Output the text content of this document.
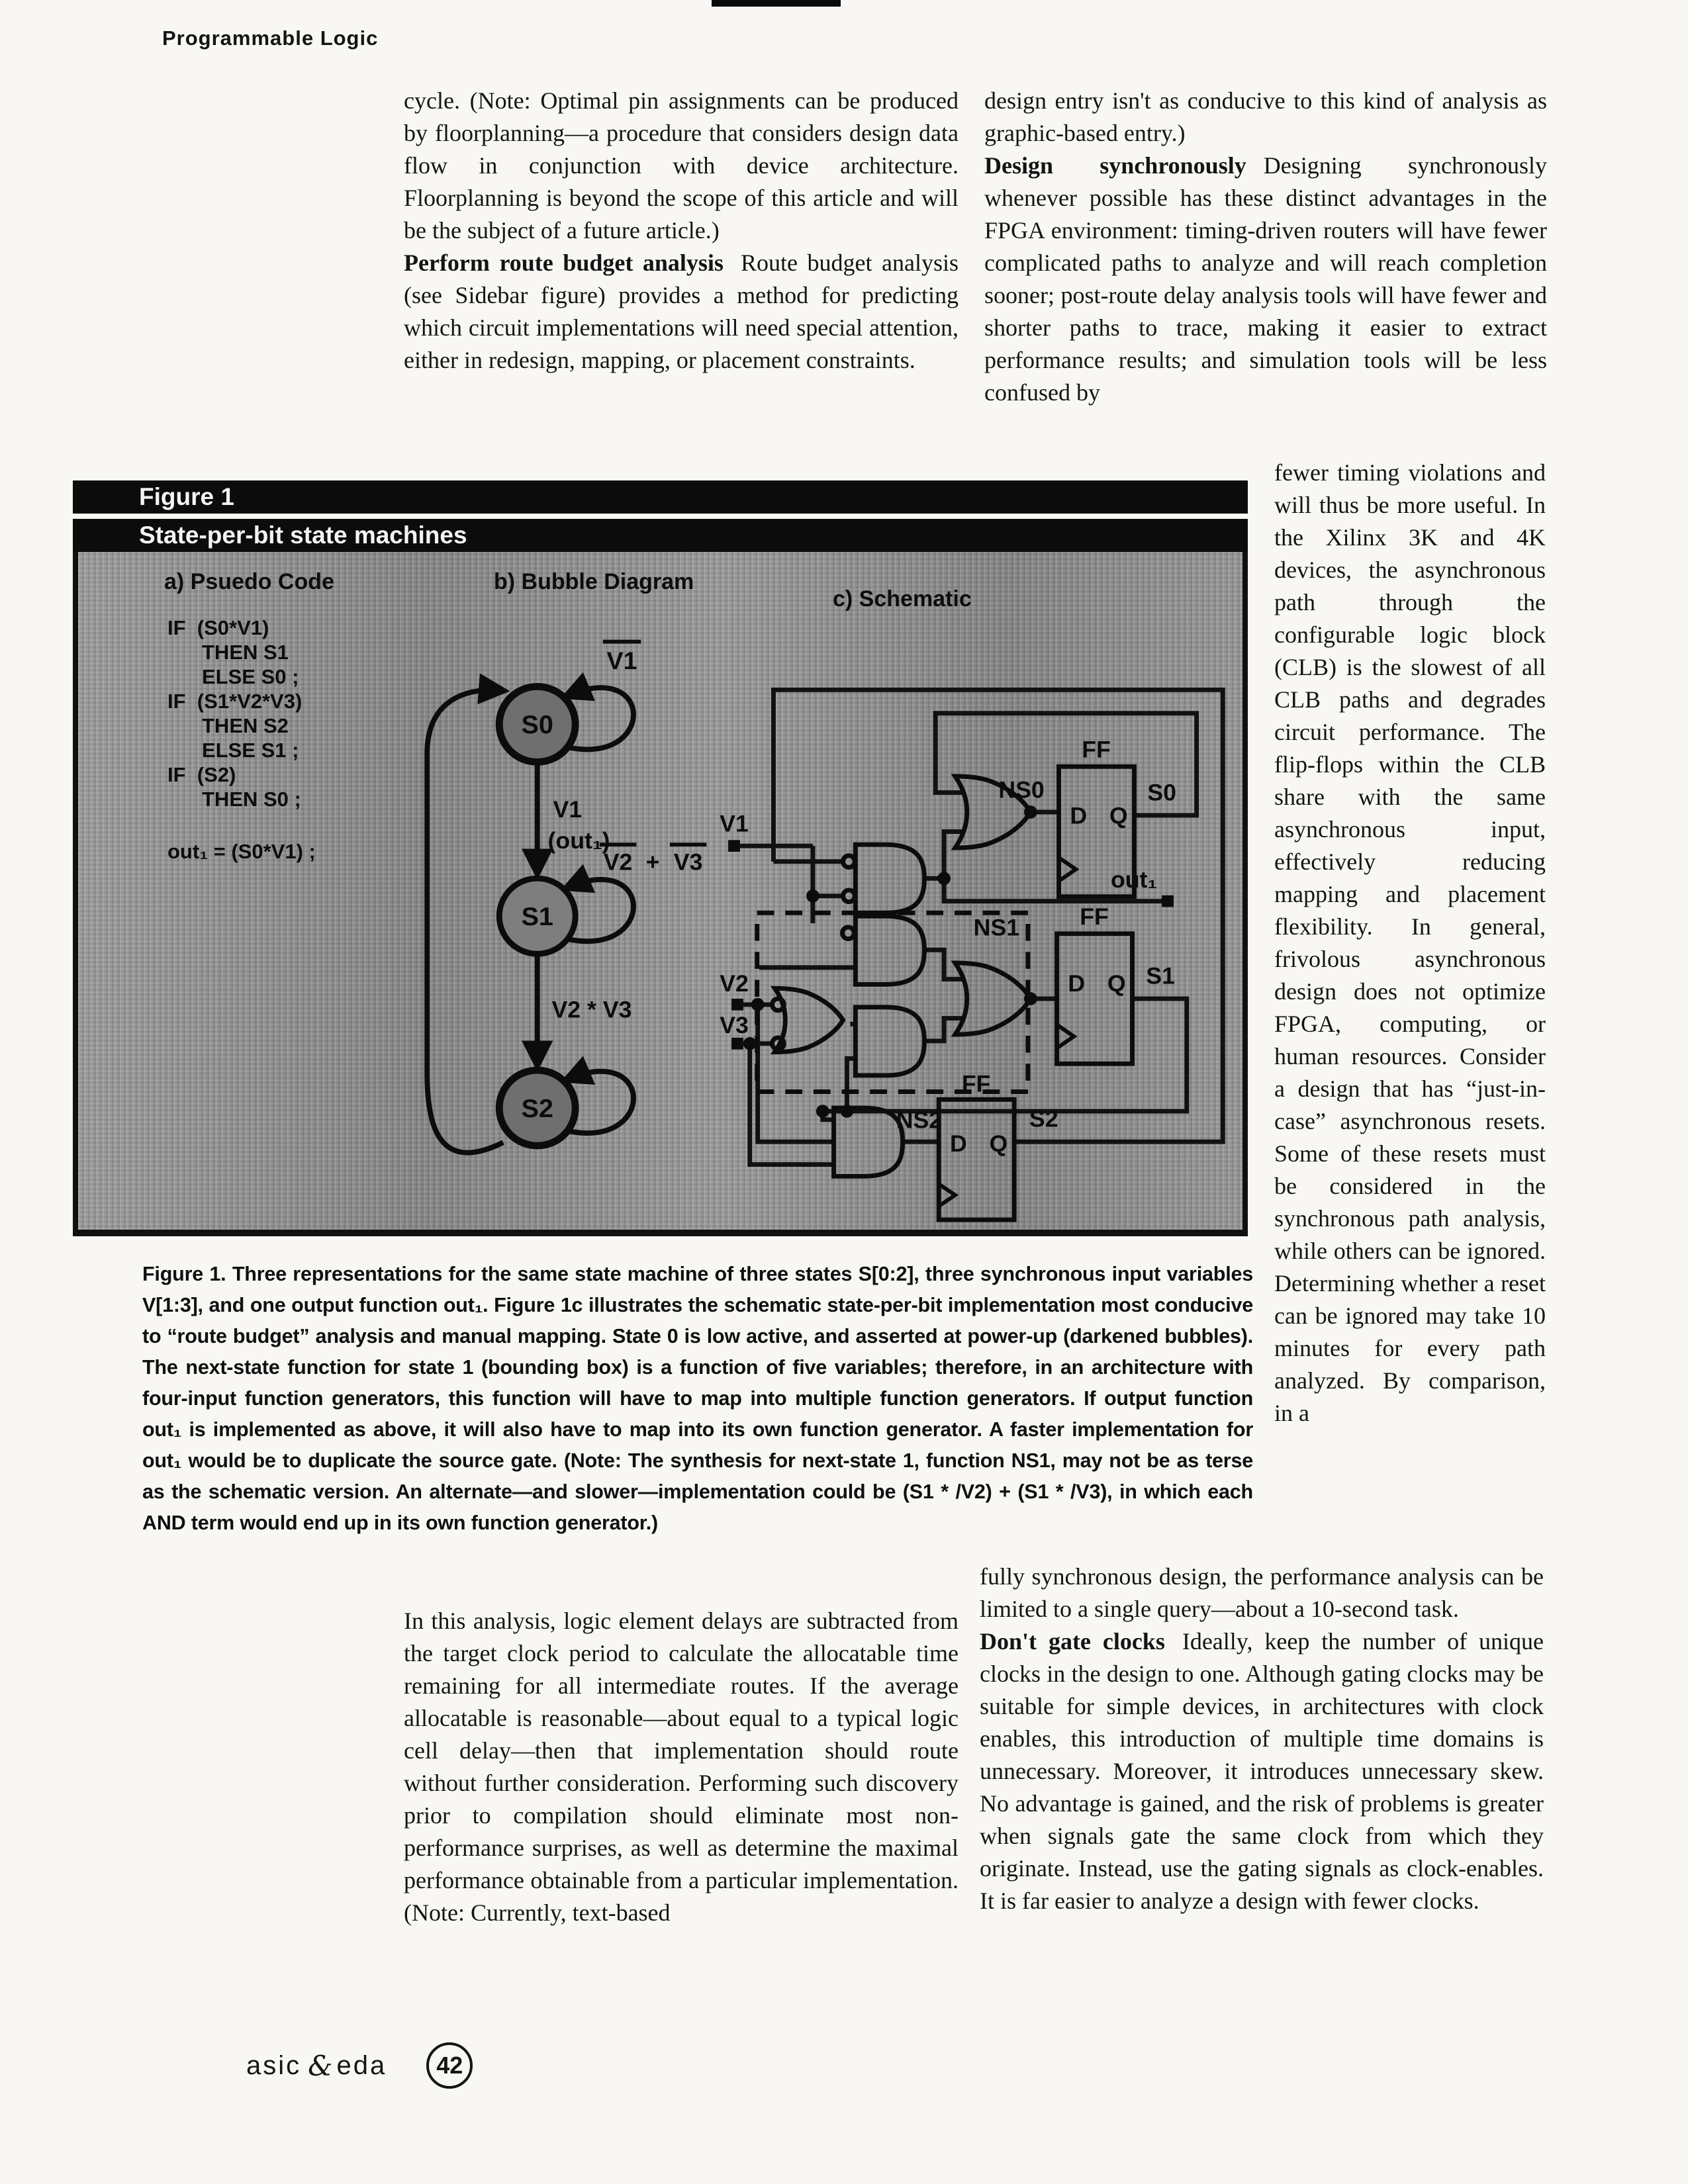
Programmable Logic

cycle. (Note: Optimal pin assignments can be produced by floorplanning—a procedure that considers design data flow in conjunction with device architecture. Floorplanning is beyond the scope of this article and will be the subject of a future article.)

Perform route budget analysis Route budget analysis (see Sidebar figure) provides a method for predicting which circuit implementations will need special attention, either in redesign, mapping, or placement constraints.

design entry isn't as conducive to this kind of analysis as graphic-based entry.)

Design synchronously Designing synchronously whenever possible has these distinct advantages in the FPGA environment: timing-driven routers will have fewer complicated paths to analyze and will reach completion sooner; post-route delay analysis tools will have fewer and shorter paths to trace, making it easier to extract performance results; and simulation tools will be less confused by

fewer timing violations and will thus be more useful. In the Xilinx 3K and 4K devices, the asynchronous path through the configurable logic block (CLB) is the slowest of all CLB paths and degrades circuit performance. The flip-flops within the CLB share with the same asynchronous input, effectively reducing mapping and placement flexibility. In general, frivolous asynchronous design does not optimize FPGA, computing, or human resources. Consider a design that has “just-in-case” asynchronous resets. Some of these resets must be considered in the synchronous path analysis, while others can be ignored. Determining whether a reset can be ignored may take 10 minutes for every path analyzed. By comparison, in a

Figure 1
State-per-bit state machines
S0
S1
S2
V1
V1
(out₁)
V2 + V3
V2 * V3
V1
V2
V3
NS0	S0
NS1
S1
NS2	S2
out₁
FF
FF
FF
D Q
D Q
D Q
a) Psuedo Code	b) Bubble Diagram
c) Schematic
IF  (S0*V1)
THEN S1
ELSE S0 ;
IF  (S1*V2*V3)
THEN S2
ELSE S1 ;
IF  (S2)
THEN S0 ;
out₁ = (S0*V1) ;
Figure 1. Three representations for the same state machine of three states S[0:2], three synchronous input variables V[1:3], and one output function out₁. Figure 1c illustrates the schematic state-per-bit implementation most conducive to “route budget” analysis and manual mapping. State 0 is low active, and asserted at power-up (darkened bubbles). The next-state function for state 1 (bounding box) is a function of five variables; therefore, in an architecture with four-input function generators, this function will have to map into multiple function generators. If output function out₁ is implemented as above, it will also have to map into its own function generator. A faster implementation for out₁ would be to duplicate the source gate. (Note: The synthesis for next-state 1, function NS1, may not be as terse as the schematic version. An alternate—and slower—implementation could be (S1 * /V2) + (S1 * /V3), in which each AND term would end up in its own function generator.)

In this analysis, logic element delays are subtracted from the target clock period to calculate the allocatable time remaining for all intermediate routes. If the average allocatable is reasonable—about equal to a typical logic cell delay—then that implementation should route without further consideration. Performing such discovery prior to compilation should eliminate most non-performance surprises, as well as determine the maximal performance obtainable from a particular implementation. (Note: Currently, text-based

fully synchronous design, the performance analysis can be limited to a single query—about a 10-second task.

Don't gate clocks Ideally, keep the number of unique clocks in the design to one. Although gating clocks may be suitable for simple devices, in architectures with clock enables, this introduction of multiple time domains is unnecessary. Moreover, it introduces unnecessary skew. No advantage is gained, and the risk of problems is greater when signals gate the same clock from which they originate. Instead, use the gating signals as clock-enables. It is far easier to analyze a design with fewer clocks.

asic & eda	42
